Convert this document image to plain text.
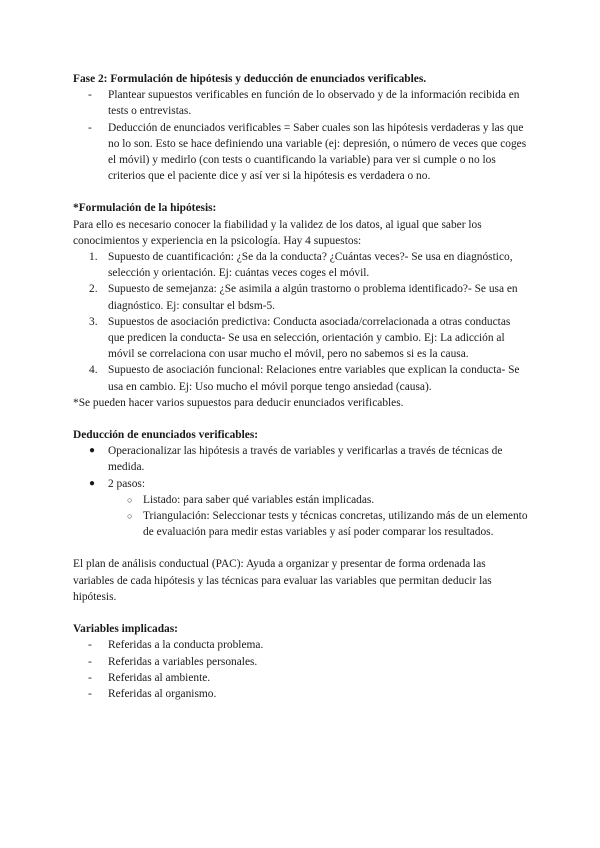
Fase 2: Formulación de hipótesis y deducción de enunciados verificables.

- Plantear supuestos verificables en función de lo observado y de la información recibida en tests o entrevistas.
- Deducción de enunciados verificables = Saber cuales son las hipótesis verdaderas y las que no lo son. Esto se hace definiendo una variable (ej: depresión, o número de veces que coges el móvil) y medirlo (con tests o cuantificando la variable) para ver si cumple o no los criterios que el paciente dice y así ver si la hipótesis es verdadera o no.

*Formulación de la hipótesis:

Para ello es necesario conocer la fiabilidad y la validez de los datos, al igual que saber los conocimientos y experiencia en la psicología. Hay 4 supuestos:

1. Supuesto de cuantificación: ¿Se da la conducta? ¿Cuántas veces?- Se usa en diagnóstico, selección y orientación. Ej: cuántas veces coges el móvil.
2. Supuesto de semejanza: ¿Se asimila a algún trastorno o problema identificado?- Se usa en diagnóstico. Ej: consultar el bdsm-5.
3. Supuestos de asociación predictiva: Conducta asociada/correlacionada a otras conductas que predicen la conducta- Se usa en selección, orientación y cambio. Ej: La adicción al móvil se correlaciona con usar mucho el móvil, pero no sabemos si es la causa.
4. Supuesto de asociación funcional: Relaciones entre variables que explican la conducta- Se usa en cambio. Ej: Uso mucho el móvil porque tengo ansiedad (causa).

*Se pueden hacer varios supuestos para deducir enunciados verificables.

Deducción de enunciados verificables:

● Operacionalizar las hipótesis a través de variables y verificarlas a través de técnicas de medida.
● 2 pasos:
○ Listado: para saber qué variables están implicadas.
○ Triangulación: Seleccionar tests y técnicas concretas, utilizando más de un elemento de evaluación para medir estas variables y así poder comparar los resultados.

El plan de análisis conductual (PAC): Ayuda a organizar y presentar de forma ordenada las variables de cada hipótesis y las técnicas para evaluar las variables que permitan deducir las hipótesis.

Variables implicadas:

- Referidas a la conducta problema.
- Referidas a variables personales.
- Referidas al ambiente.
- Referidas al organismo.
